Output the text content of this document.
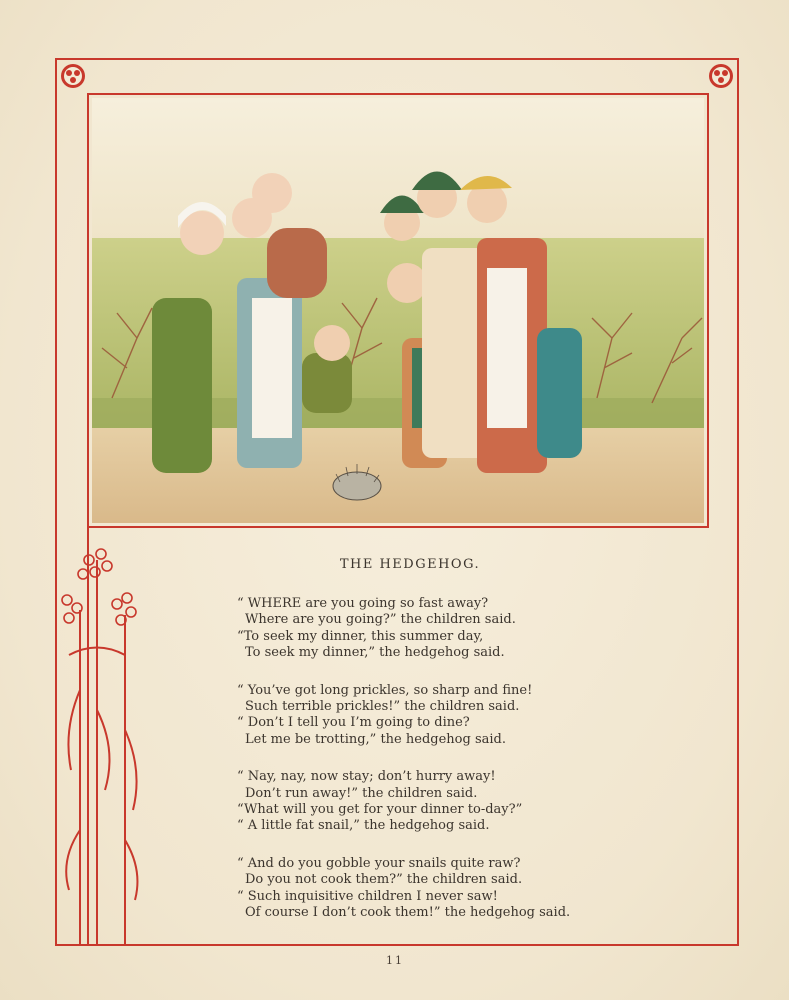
THE HEDGEHOG.
“ WHERE are you going so fast away?
Where are you going?” the children said.
“To seek my dinner, this summer day,
To seek my dinner,” the hedgehog said.
“ You’ve got long prickles, so sharp and fine!
Such terrible prickles!” the children said.
“ Don’t I tell you I’m going to dine?
Let me be trotting,” the hedgehog said.
“ Nay, nay, now stay; don’t hurry away!
Don’t run away!” the children said.
“What will you get for your dinner to-day?”
“ A little fat snail,” the hedgehog said.
“ And do you gobble your snails quite raw?
Do you not cook them?” the children said.
“ Such inquisitive children I never saw!
Of course I don’t cook them!” the hedgehog said.
11
